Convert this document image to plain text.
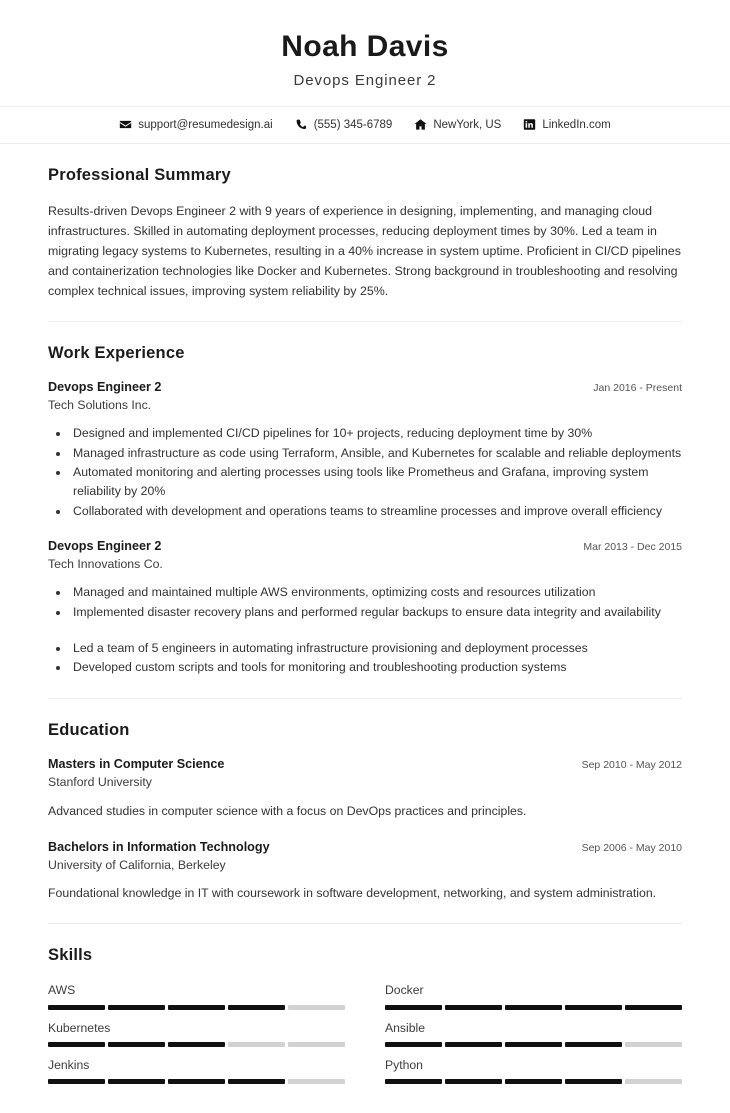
Noah Davis
Devops Engineer 2
support@resumedesign.ai	(555) 345-6789	NewYork, US	LinkedIn.com
Professional Summary

Results-driven Devops Engineer 2 with 9 years of experience in designing, implementing, and managing cloud infrastructures. Skilled in automating deployment processes, reducing deployment times by 30%. Led a team in migrating legacy systems to Kubernetes, resulting in a 40% increase in system uptime. Proficient in CI/CD pipelines and containerization technologies like Docker and Kubernetes. Strong background in troubleshooting and resolving complex technical issues, improving system reliability by 25%.

Work Experience
Devops Engineer 2	Jan 2016 - Present
Tech Solutions Inc.
• Designed and implemented CI/CD pipelines for 10+ projects, reducing deployment time by 30%
• Managed infrastructure as code using Terraform, Ansible, and Kubernetes for scalable and reliable deployments
• Automated monitoring and alerting processes using tools like Prometheus and Grafana, improving system reliability by 20%
• Collaborated with development and operations teams to streamline processes and improve overall efficiency
Devops Engineer 2	Mar 2013 - Dec 2015
Tech Innovations Co.
• Managed and maintained multiple AWS environments, optimizing costs and resources utilization
• Implemented disaster recovery plans and performed regular backups to ensure data integrity and availability
• Led a team of 5 engineers in automating infrastructure provisioning and deployment processes
• Developed custom scripts and tools for monitoring and troubleshooting production systems
Education
Masters in Computer Science	Sep 2010 - May 2012
Stanford University
Advanced studies in computer science with a focus on DevOps practices and principles.
Bachelors in Information Technology	Sep 2006 - May 2010
University of California, Berkeley
Foundational knowledge in IT with coursework in software development, networking, and system administration.
Skills
AWS	Docker
Kubernetes	Ansible
Jenkins	Python
